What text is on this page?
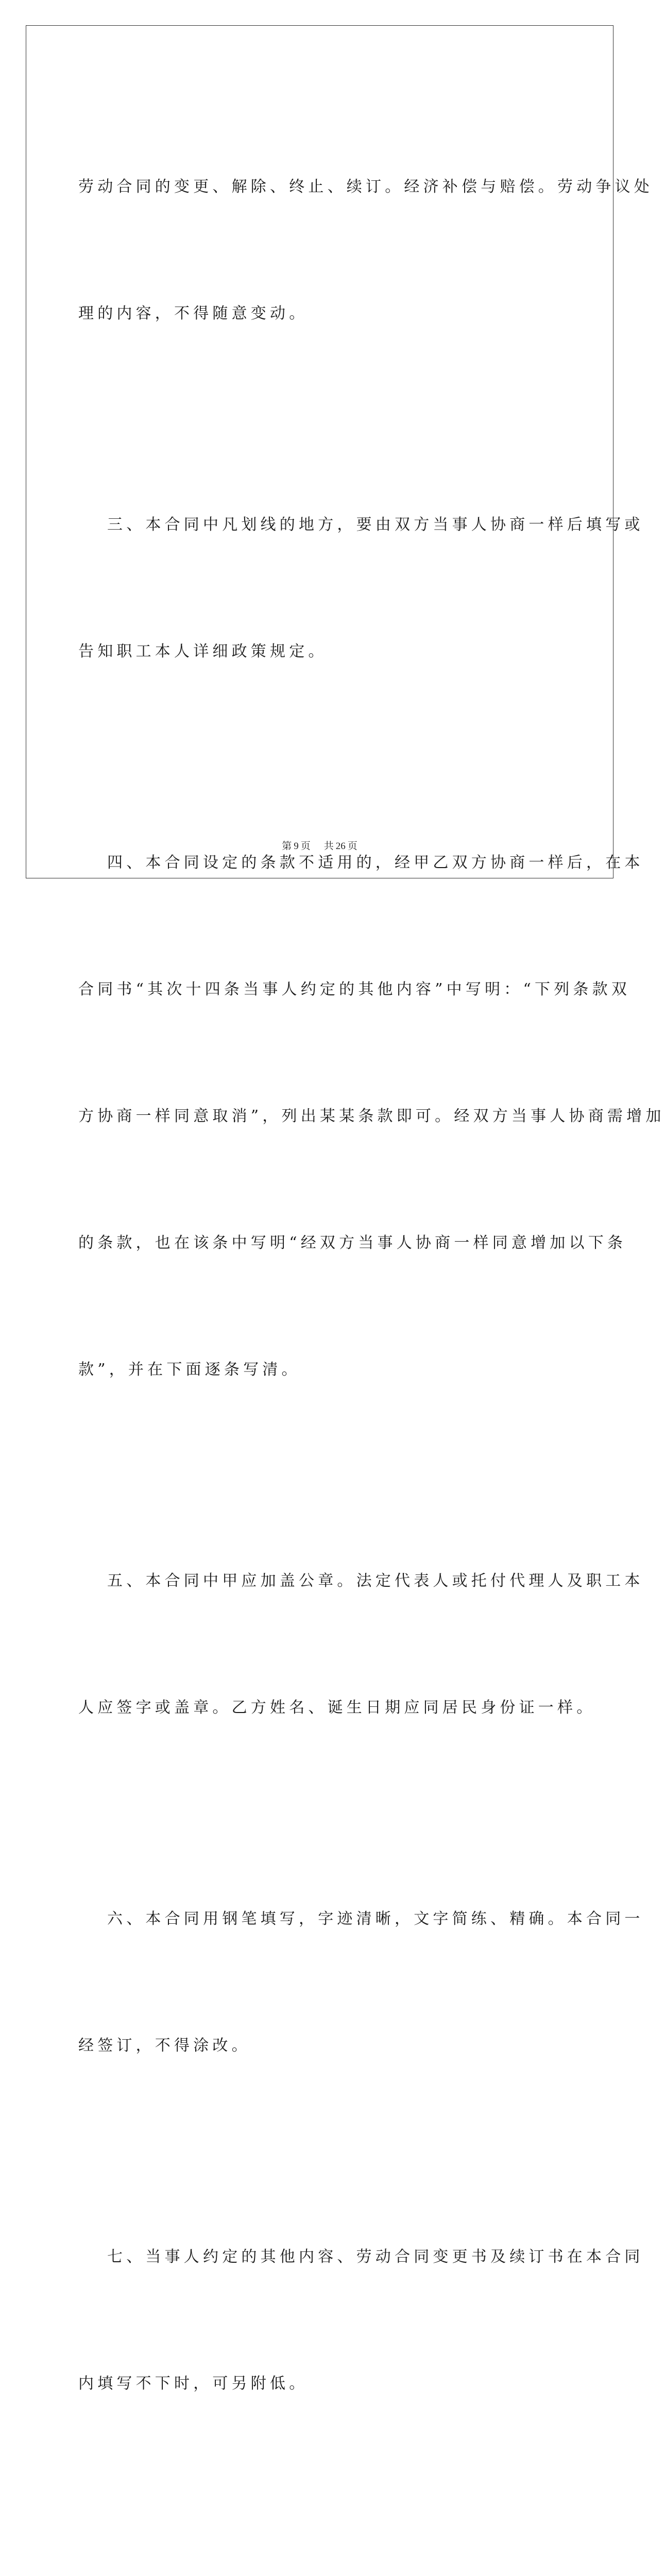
劳动合同的变更、解除、终止、续订。经济补偿与赔偿。劳动争议处

理的内容，不得随意变动。

三、本合同中凡划线的地方，要由双方当事人协商一样后填写或

告知职工本人详细政策规定。

四、本合同设定的条款不适用的，经甲乙双方协商一样后，在本

合同书“其次十四条当事人约定的其他内容”中写明：“下列条款双

方协商一样同意取消”，列出某某条款即可。经双方当事人协商需增加

的条款，也在该条中写明“经双方当事人协商一样同意增加以下条

款”，并在下面逐条写清。

五、本合同中甲应加盖公章。法定代表人或托付代理人及职工本

人应签字或盖章。乙方姓名、诞生日期应同居民身份证一样。

六、本合同用钢笔填写，字迹清晰，文字简练、精确。本合同一

经签订，不得涂改。

七、当事人约定的其他内容、劳动合同变更书及续订书在本合同

内填写不下时，可另附低。

第 9 页 共 26 页
